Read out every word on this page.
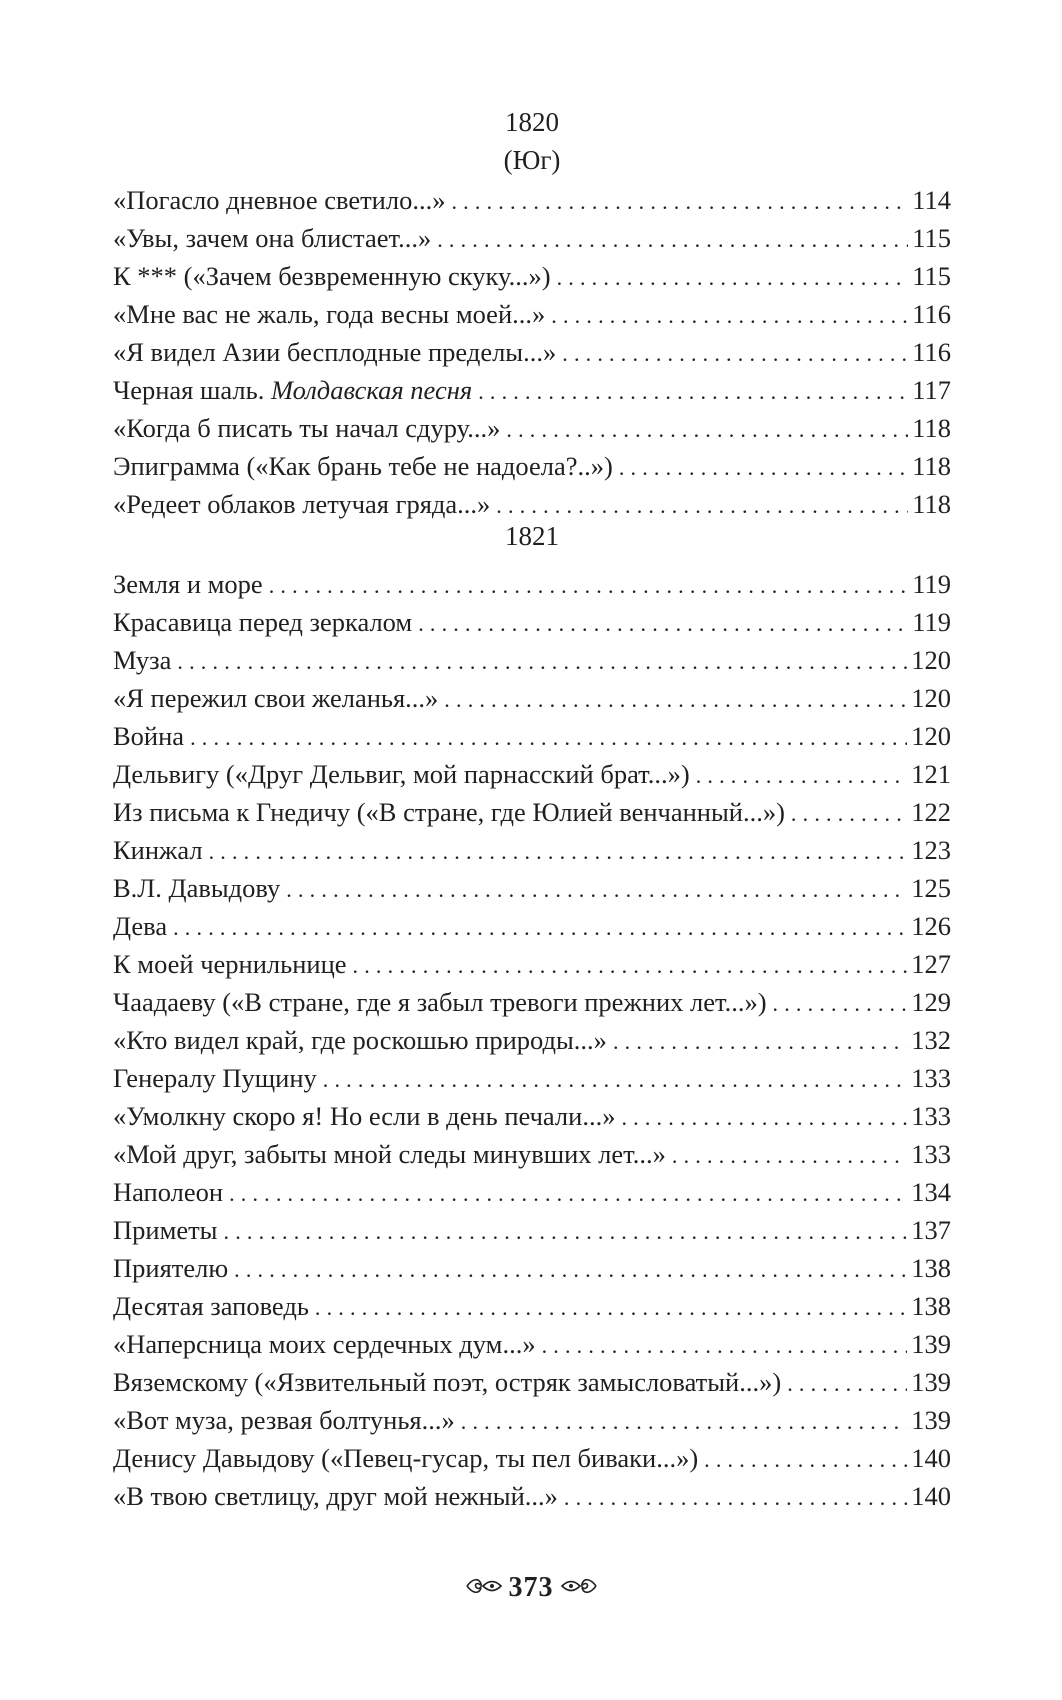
1820
(Юг)
«Погасло дневное светило...» .....	114
«Увы, зачем она блистает...» .....	115
К *** («Зачем безвременную скуку...») .....	115
«Мне вас не жаль, года весны моей...» .....	116
«Я видел Азии бесплодные пределы...» .....	116
Черная шаль. Молдавская песня .....	117
«Когда б писать ты начал сдуру...» .....	118
Эпиграмма («Как брань тебе не надоела?..») .....	118
«Редеет облаков летучая гряда...» .....	118
1821
Земля и море .....	119
Красавица перед зеркалом .....	119
Муза .....	120
«Я пережил свои желанья...» .....	120
Война .....	120
Дельвигу («Друг Дельвиг, мой парнасский брат...») .....	121
Из письма к Гнедичу («В стране, где Юлией венчанный...») .....	122
Кинжал .....	123
В.Л. Давыдову .....	125
Дева .....	126
К моей чернильнице .....	127
Чаадаеву («В стране, где я забыл тревоги прежних лет...») .....	129
«Кто видел край, где роскошью природы...» .....	132
Генералу Пущину .....	133
«Умолкну скоро я! Но если в день печали...» .....	133
«Мой друг, забыты мной следы минувших лет...» .....	133
Наполеон .....	134
Приметы .....	137
Приятелю .....	138
Десятая заповедь .....	138
«Наперсница моих сердечных дум...» .....	139
Вяземскому («Язвительный поэт, остряк замысловатый...») .....	139
«Вот муза, резвая болтунья...» .....	139
Денису Давыдову («Певец-гусар, ты пел биваки...») .....	140
«В твою светлицу, друг мой нежный...» .....	140
373
